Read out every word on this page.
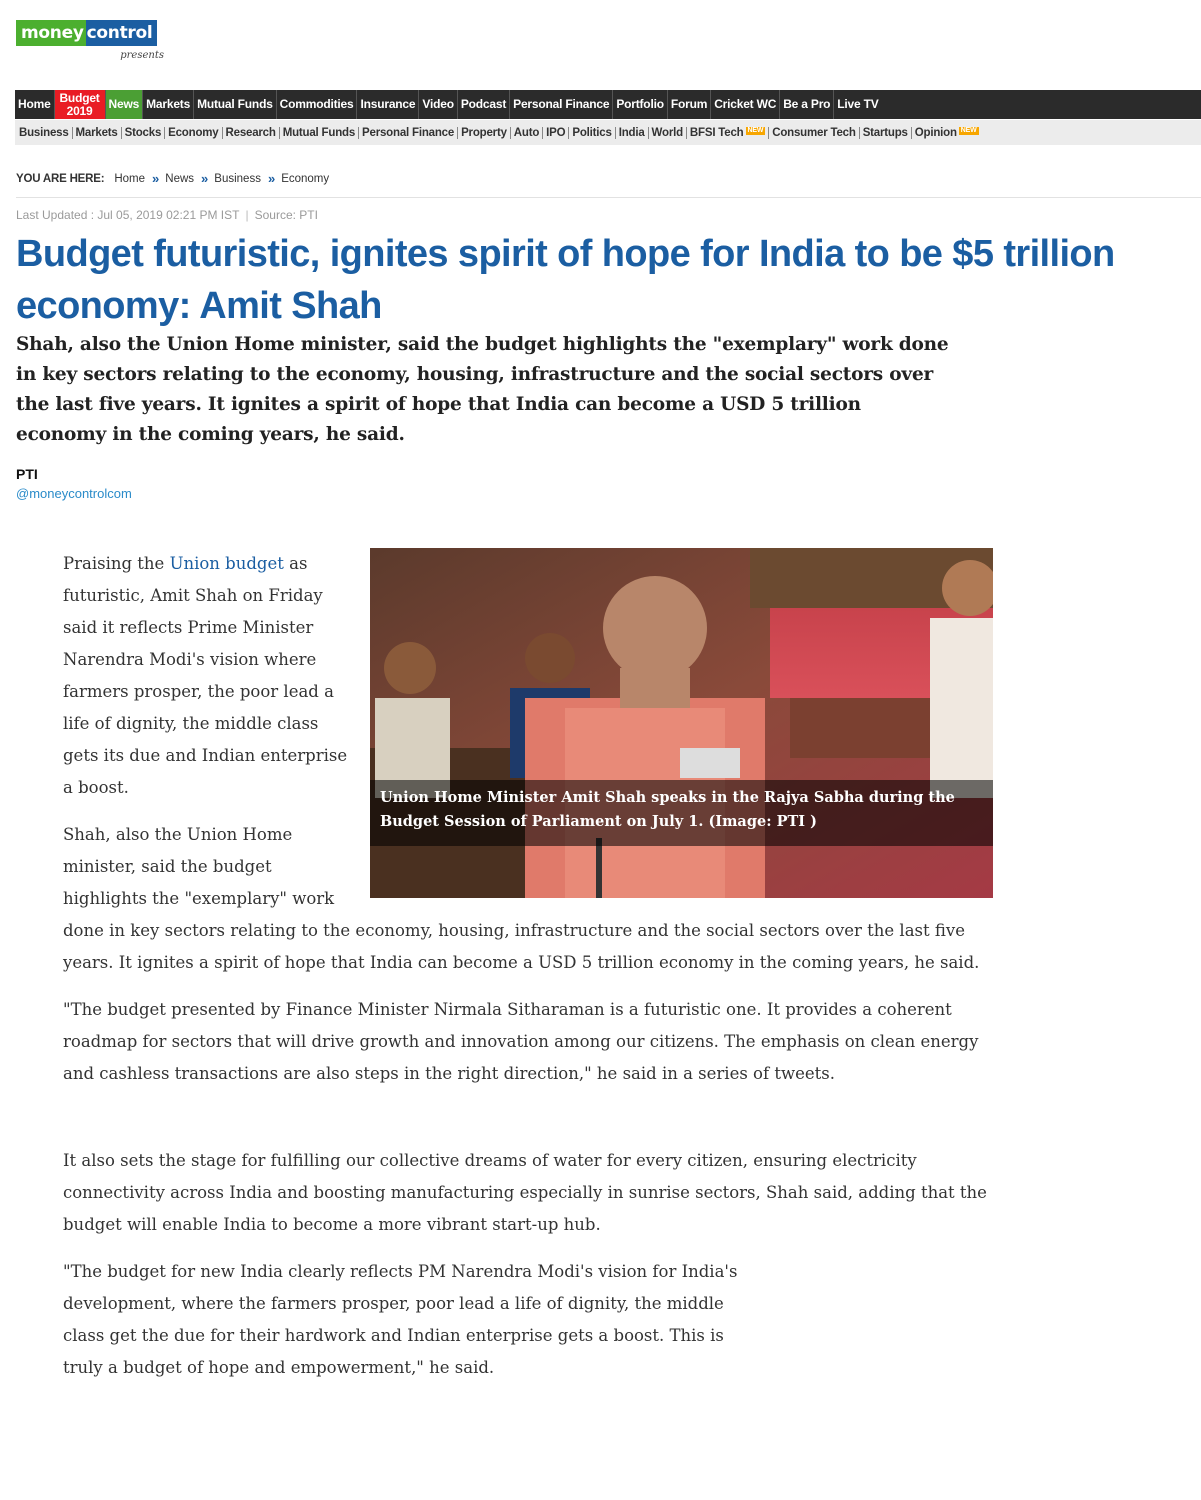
money control
presents
Home Budget
2019	News Markets Mutual Funds Commodities Insurance Video Podcast Personal Finance Portfolio Forum Cricket WC Be a Pro Live TV
Business Markets Stocks Economy Research Mutual Funds Personal Finance Property Auto IPO Politics India World BFSI Tech NEW Consumer Tech Startups Opinion NEW
YOU ARE HERE: Home » News » Business » Economy
Last Updated : Jul 05, 2019 02:21 PM IST | Source: PTI
Budget futuristic, ignites spirit of hope for India to be $5 trillion economy: Amit Shah
Shah, also the Union Home minister, said the budget highlights the "exemplary" work done in key sectors relating to the economy, housing, infrastructure and the social sectors over the last five years. It ignites a spirit of hope that India can become a USD 5 trillion economy in the coming years, he said.
PTI
@moneycontrolcom
Union Home Minister Amit Shah speaks in the Rajya Sabha during the Budget Session of Parliament on July 1. (Image: PTI )

Praising the Union budget as futuristic, Amit Shah on Friday said it reflects Prime Minister Narendra Modi's vision where farmers prosper, the poor lead a life of dignity, the middle class gets its due and Indian enterprise a boost.

Shah, also the Union Home minister, said the budget highlights the "exemplary" work done in key sectors relating to the economy, housing, infrastructure and the social sectors over the last five years. It ignites a spirit of hope that India can become a USD 5 trillion economy in the coming years, he said.

"The budget presented by Finance Minister Nirmala Sitharaman is a futuristic one. It provides a coherent roadmap for sectors that will drive growth and innovation among our citizens. The emphasis on clean energy and cashless transactions are also steps in the right direction," he said in a series of tweets.

It also sets the stage for fulfilling our collective dreams of water for every citizen, ensuring electricity connectivity across India and boosting manufacturing especially in sunrise sectors, Shah said, adding that the budget will enable India to become a more vibrant start-up hub.

"The budget for new India clearly reflects PM Narendra Modi's vision for India's development, where the farmers prosper, poor lead a life of dignity, the middle class get the due for their hardwork and Indian enterprise gets a boost. This is truly a budget of hope and empowerment," he said.
